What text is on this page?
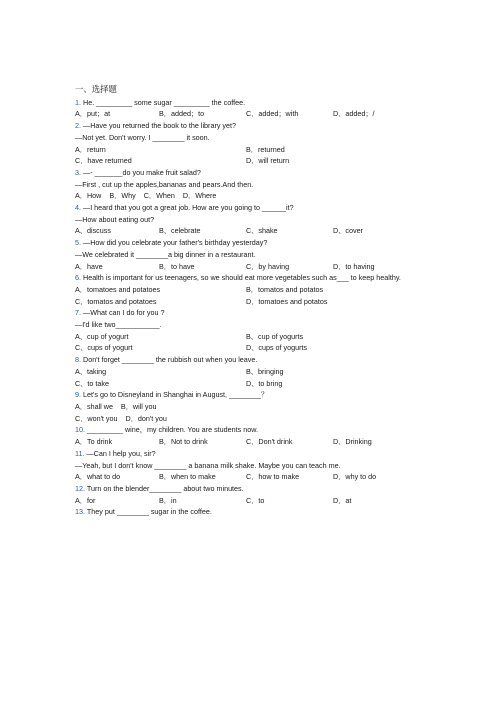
一、选择题
1. He. _________ some sugar _________ the coffee.
A．put；at	B．added；to	C．added；with	D．added；/
2. —Have you returned the book to the library yet?
—Not yet. Don't worry. I ________ it soon.
A．return	B．returned
C．have returned	D．will return
3. —- _______do you make fruit salad?
—First , cut up the apples,bananas and pears.And then.
A．How    B．Why    C．When    D．Where
4. —I heard that you got a great job. How are you going to ______it?
—How about eating out?
A、discuss	B、celebrate	C、shake	D、cover
5. —How did you celebrate your father's birthday yesterday?
—We celebrated it ________a big dinner in a restaurant.
A．have	B．to have	C．by having	D．to having
6. Health is important for us teenagers, so we should eat more vegetables such as___ to keep healthy.
A．tomatoes and potatoes	B．tomatos and potatos
C．tomatos and potatoes	D．tomatoes and potatos
7. —What can I do for you ?
—I'd like two___________.
A、cup of yogurt	B、cup of yogurts
C、cups of yogurt	D、cups of yogurts
8. Don't forget ________ the rubbish out when you leave.
A、taking	B、bringing
C、to take	D、to bring
9. Let's go to Disneyland in Shanghai in August, ________？
A．shall we    B．will you
C．won't you    D．don't you
10. _________ wine，my children. You are students now.
A．To drink	B．Not to drink	C．Don't drink	D．Drinking
11. —Can I help you, sir?
—Yeah, but I don't know ________ a banana milk shake. Maybe you can teach me.
A．what to do	B．when to make	C．how to make	D．why to do
12. Turn on the blender________ about two minutes.
A．for	B．in	C．to	D．at
13. They put ________ sugar in the coffee.
